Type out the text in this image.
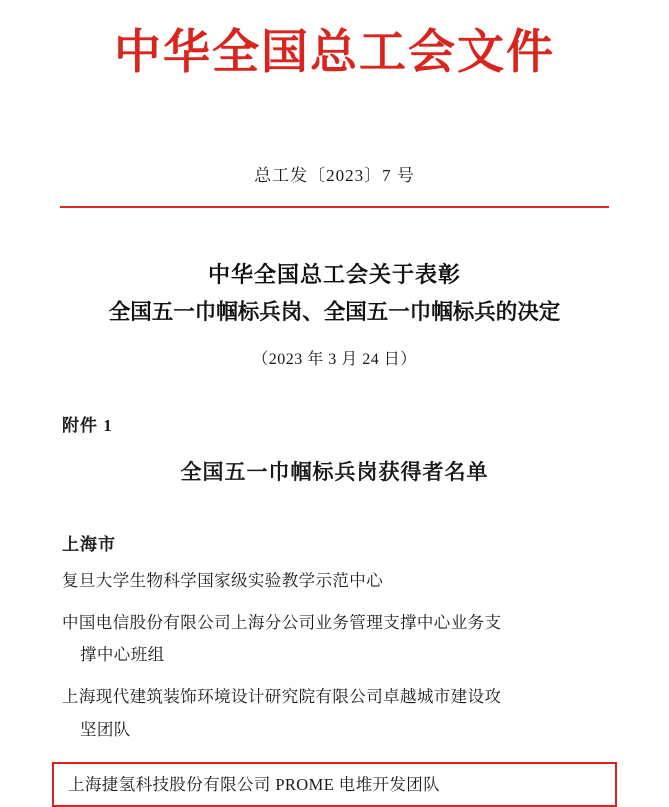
中华全国总工会文件
总工发〔2023〕7 号
中华全国总工会关于表彰
全国五一巾帼标兵岗、全国五一巾帼标兵的决定
（2023 年 3 月 24 日）
附件 1
全国五一巾帼标兵岗获得者名单
上海市
复旦大学生物科学国家级实验教学示范中心
中国电信股份有限公司上海分公司业务管理支撑中心业务支
撑中心班组
上海现代建筑装饰环境设计研究院有限公司卓越城市建设攻
坚团队
上海捷氢科技股份有限公司 PROME 电堆开发团队
